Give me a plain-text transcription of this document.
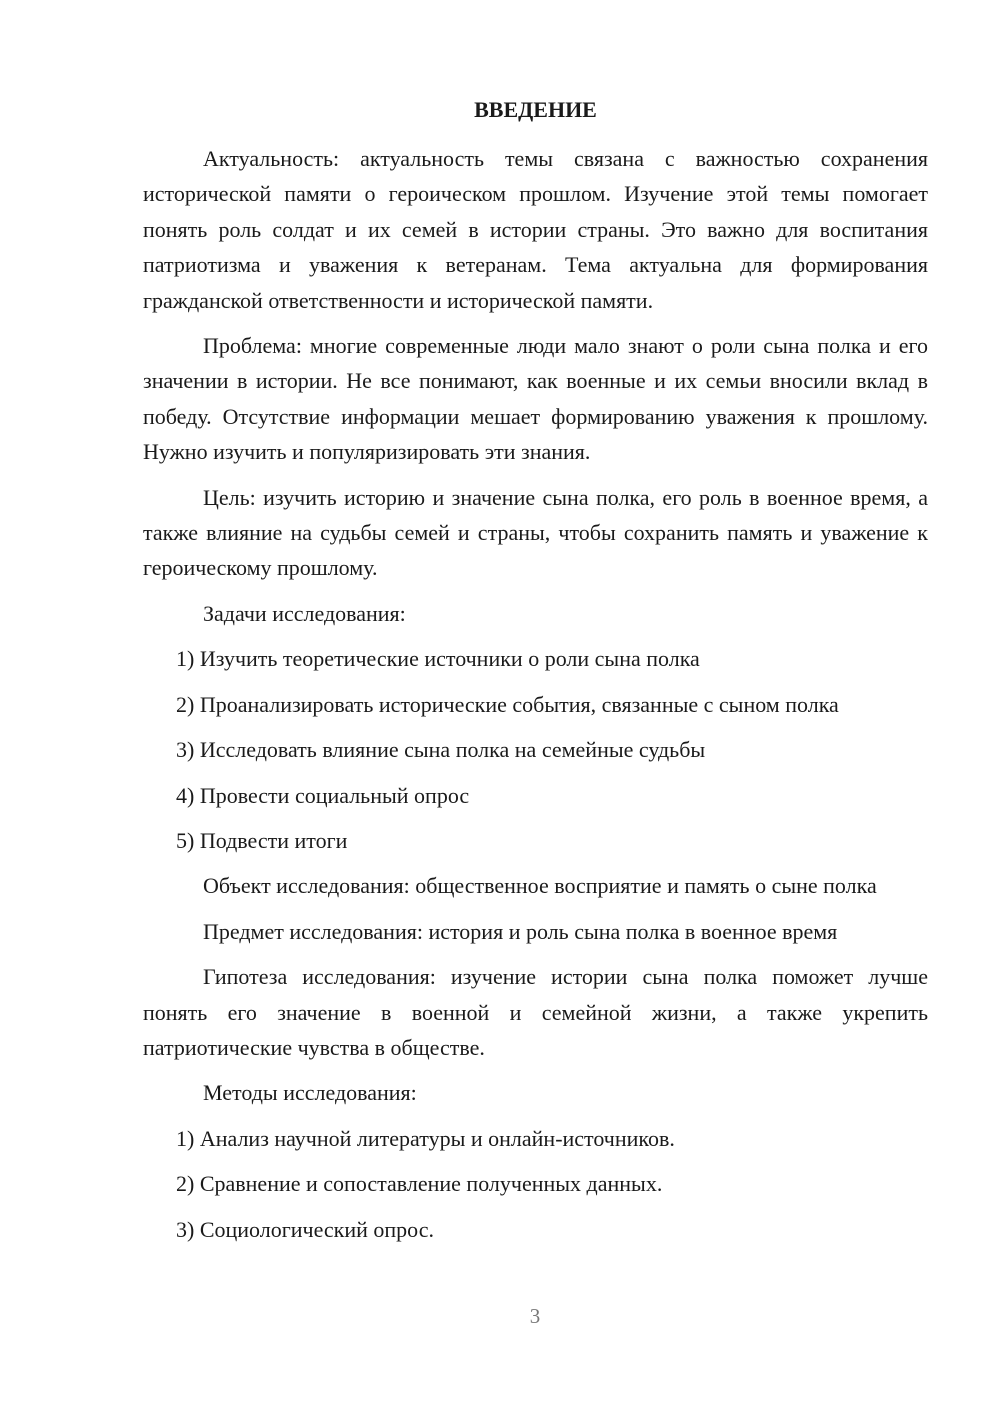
ВВЕДЕНИЕ

Актуальность: актуальность темы связана с важностью сохранения исторической памяти о героическом прошлом. Изучение этой темы помогает понять роль солдат и их семей в истории страны. Это важно для воспитания патриотизма и уважения к ветеранам. Тема актуальна для формирования гражданской ответственности и исторической памяти.

Проблема: многие современные люди мало знают о роли сына полка и его значении в истории. Не все понимают, как военные и их семьи вносили вклад в победу. Отсутствие информации мешает формированию уважения к прошлому. Нужно изучить и популяризировать эти знания.

Цель: изучить историю и значение сына полка, его роль в военное время, а также влияние на судьбы семей и страны, чтобы сохранить память и уважение к героическому прошлому.

Задачи исследования:

1) Изучить теоретические источники о роли сына полка
2) Проанализировать исторические события, связанные с сыном полка
3) Исследовать влияние сына полка на семейные судьбы
4) Провести социальный опрос
5) Подвести итоги

Объект исследования: общественное восприятие и память о сыне полка

Предмет исследования: история и роль сына полка в военное время

Гипотеза исследования: изучение истории сына полка поможет лучше понять его значение в военной и семейной жизни, а также укрепить патриотические чувства в обществе.

Методы исследования:

1) Анализ научной литературы и онлайн-источников.
2) Сравнение и сопоставление полученных данных.
3) Социологический опрос.
3
